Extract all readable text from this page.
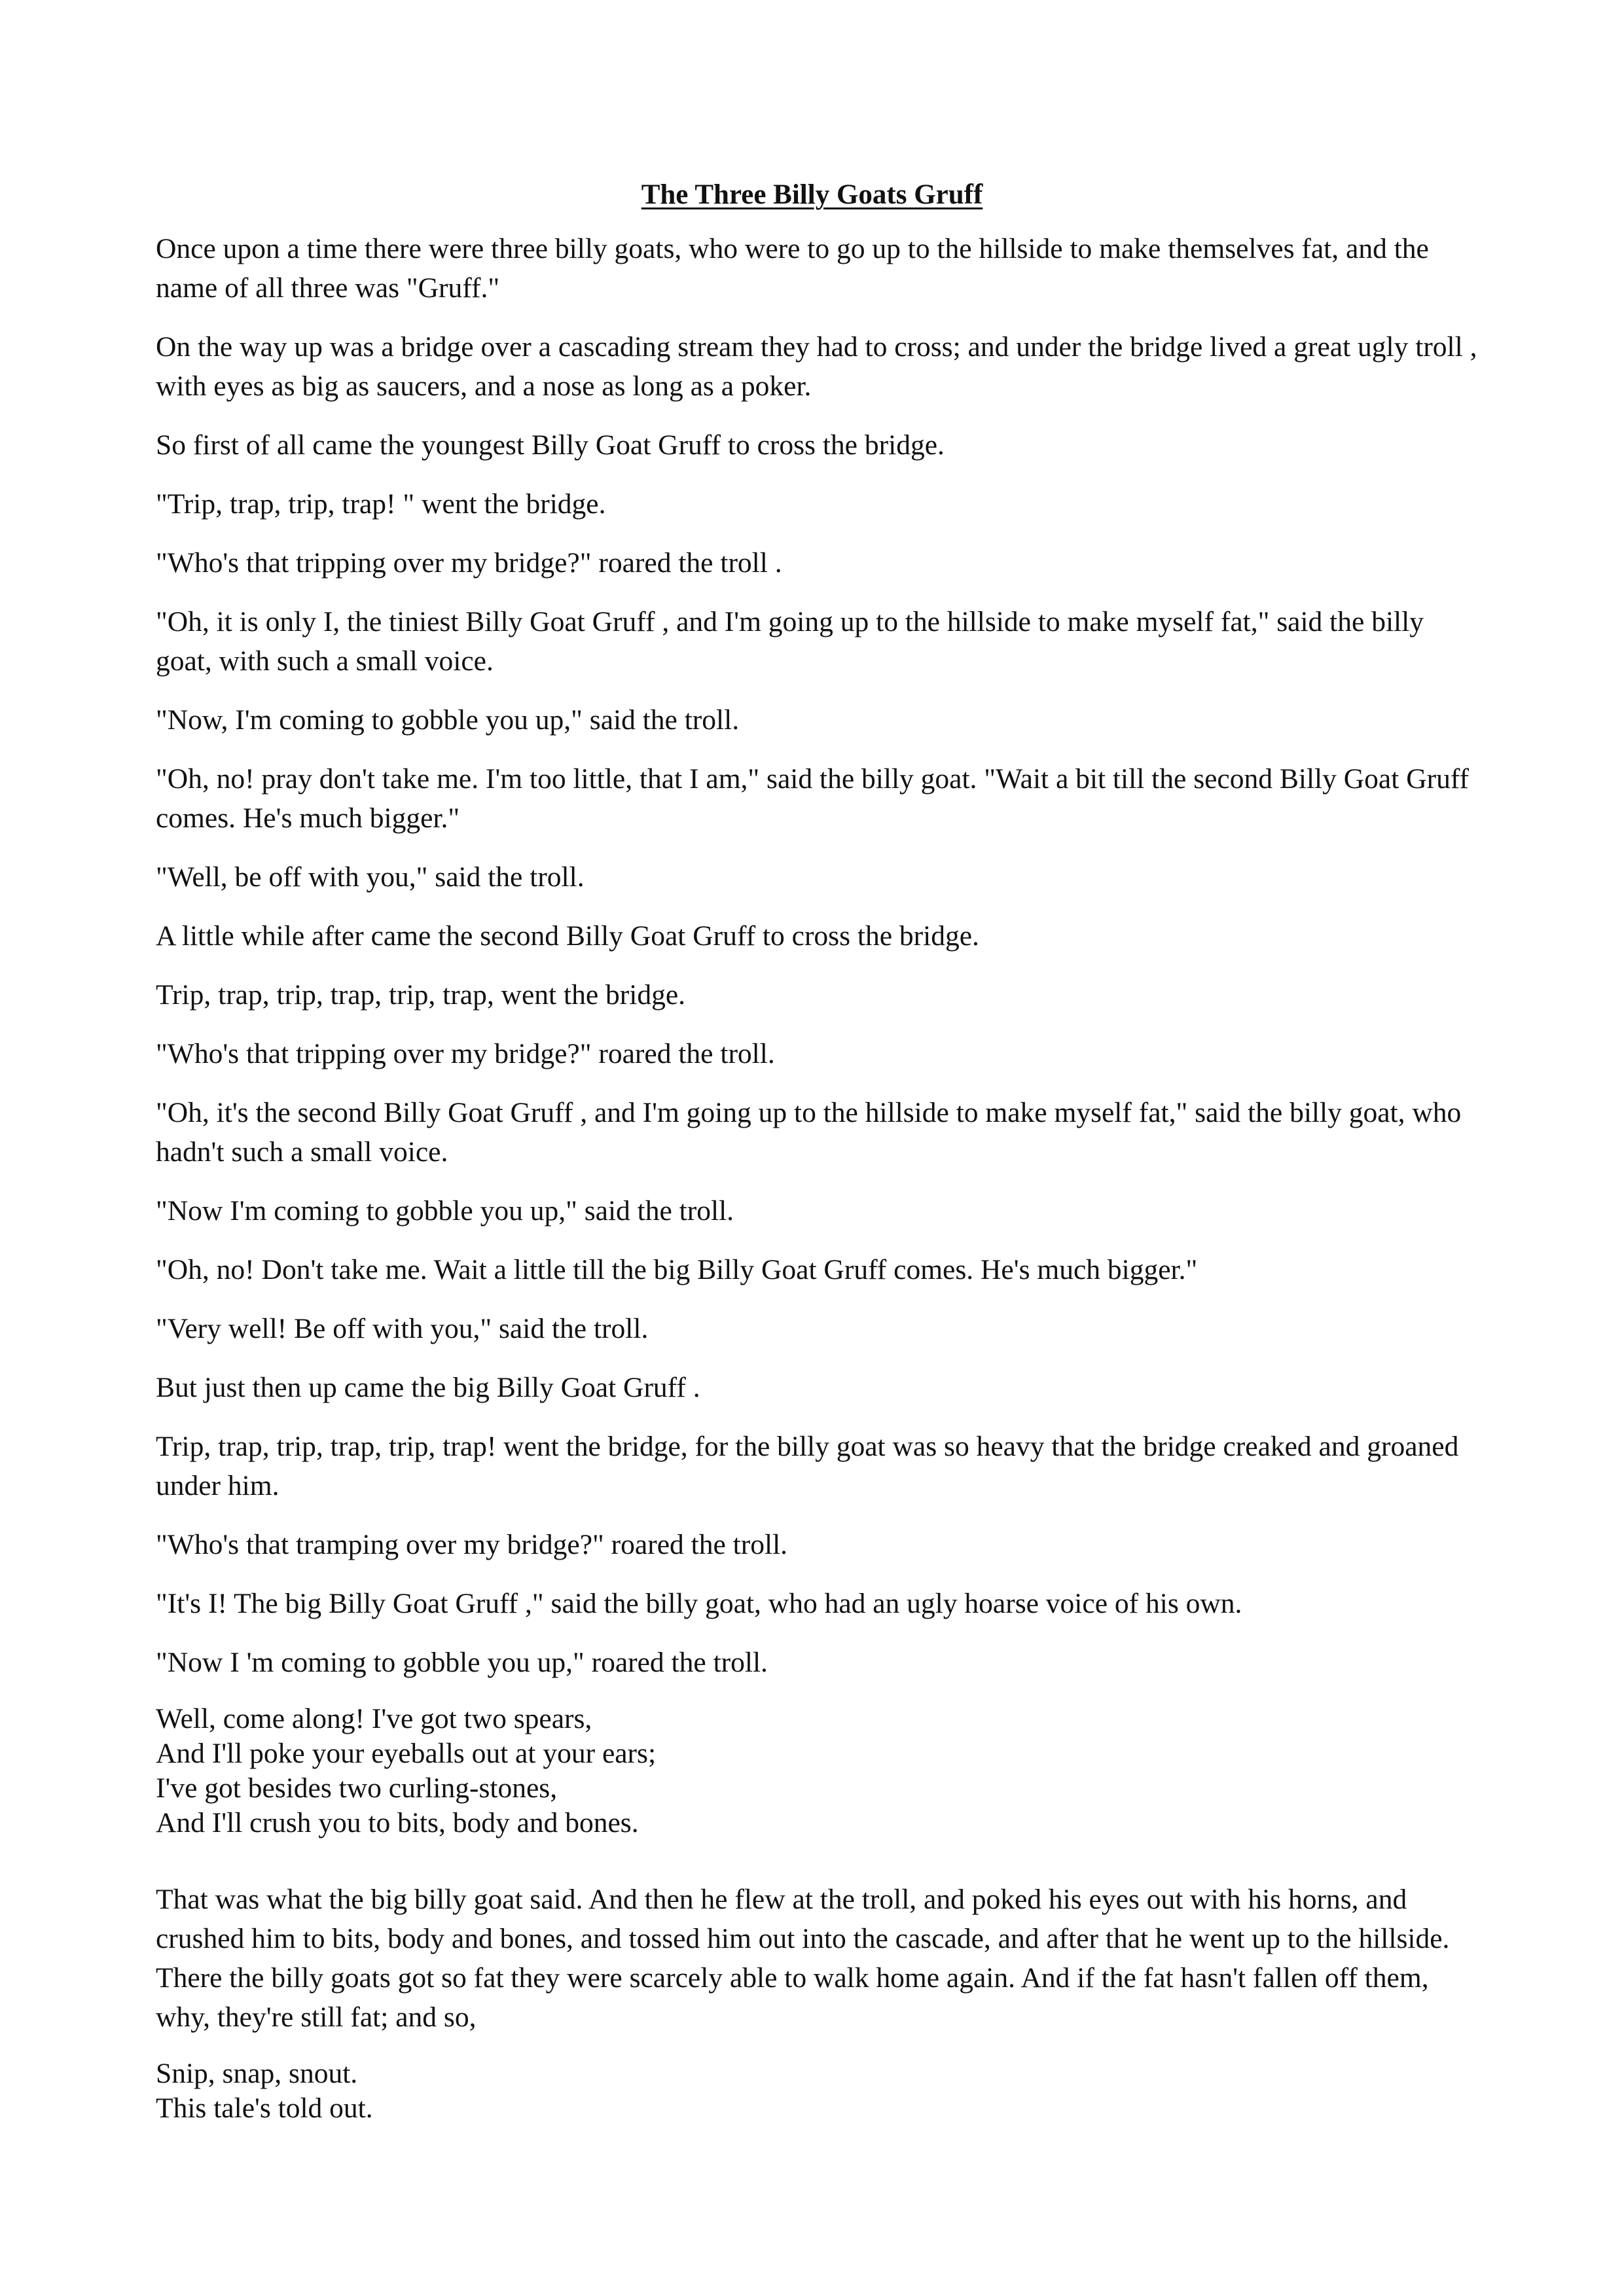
The Three Billy Goats Gruff

Once upon a time there were three billy goats, who were to go up to the hillside to make themselves fat, and the name of all three was "Gruff."

On the way up was a bridge over a cascading stream they had to cross; and under the bridge lived a great ugly troll , with eyes as big as saucers, and a nose as long as a poker.

So first of all came the youngest Billy Goat Gruff to cross the bridge.

"Trip, trap, trip, trap! " went the bridge.

"Who's that tripping over my bridge?" roared the troll .

"Oh, it is only I, the tiniest Billy Goat Gruff , and I'm going up to the hillside to make myself fat," said the billy goat, with such a small voice.

"Now, I'm coming to gobble you up," said the troll.

"Oh, no! pray don't take me. I'm too little, that I am," said the billy goat. "Wait a bit till the second Billy Goat Gruff comes. He's much bigger."

"Well, be off with you," said the troll.

A little while after came the second Billy Goat Gruff to cross the bridge.

Trip, trap, trip, trap, trip, trap, went the bridge.

"Who's that tripping over my bridge?" roared the troll.

"Oh, it's the second Billy Goat Gruff , and I'm going up to the hillside to make myself fat," said the billy goat, who hadn't such a small voice.

"Now I'm coming to gobble you up," said the troll.

"Oh, no! Don't take me. Wait a little till the big Billy Goat Gruff comes. He's much bigger."

"Very well! Be off with you," said the troll.

But just then up came the big Billy Goat Gruff .

Trip, trap, trip, trap, trip, trap! went the bridge, for the billy goat was so heavy that the bridge creaked and groaned under him.

"Who's that tramping over my bridge?" roared the troll.

"It's I! The big Billy Goat Gruff ," said the billy goat, who had an ugly hoarse voice of his own.

"Now I 'm coming to gobble you up," roared the troll.

Well, come along! I've got two spears,
And I'll poke your eyeballs out at your ears;
I've got besides two curling-stones,
And I'll crush you to bits, body and bones.

That was what the big billy goat said. And then he flew at the troll, and poked his eyes out with his horns, and crushed him to bits, body and bones, and tossed him out into the cascade, and after that he went up to the hillside. There the billy goats got so fat they were scarcely able to walk home again. And if the fat hasn't fallen off them, why, they're still fat; and so,

Snip, snap, snout.
This tale's told out.
